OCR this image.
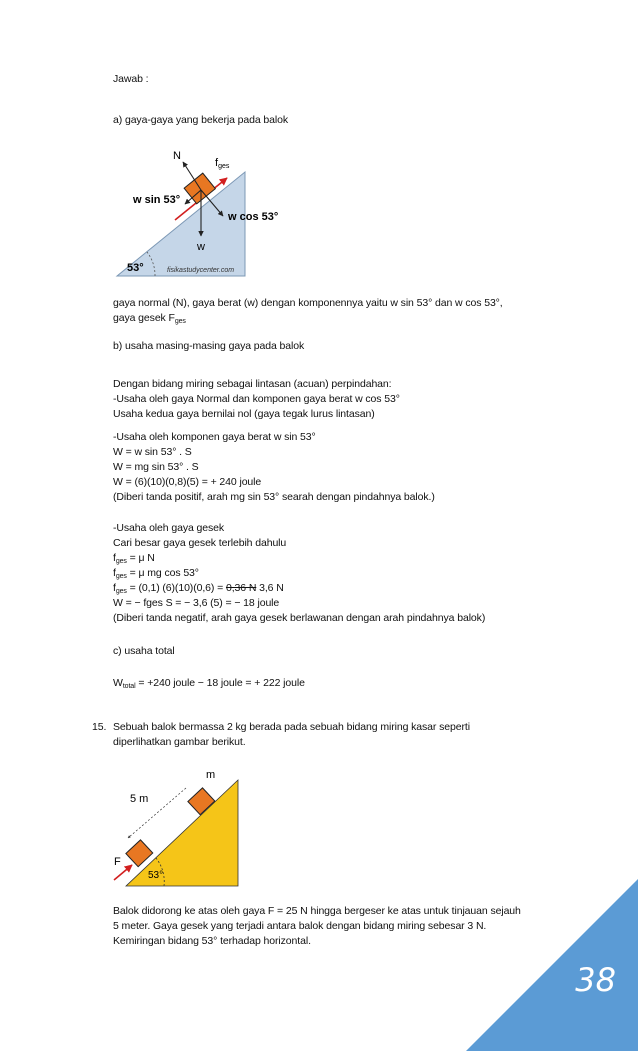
Jawab :
a) gaya-gaya yang bekerja pada balok
N
fges
w sin 53°
w cos 53°
w
53°	fisikastudycenter.com
gaya normal (N), gaya berat (w) dengan komponennya yaitu w sin 53° dan w cos 53°,
gaya gesek $F_{ges}$
b) usaha masing-masing gaya pada balok
Dengan bidang miring sebagai lintasan (acuan) perpindahan:
-Usaha oleh gaya Normal dan komponen gaya berat w cos 53°
Usaha kedua gaya bernilai nol (gaya tegak lurus lintasan)
-Usaha oleh komponen gaya berat w sin 53°
W = w sin 53° . S
W = mg sin 53° . S
W = (6)(10)(0,8)(5) = + 240 joule
(Diberi tanda positif, arah mg sin 53° searah dengan pindahnya balok.)
-Usaha oleh gaya gesek
Cari besar gaya gesek terlebih dahulu
$f_{ges} = \mu$ N
$f_{ges} = \mu$ mg cos 53°
$f_{ges} = (0,1) (6)(10)(0,6) = 0,36$ N 3,6 N
W = − fges S = − 3,6 (5) = − 18 joule
(Diberi tanda negatif, arah gaya gesek berlawanan dengan arah pindahnya balok)
c) usaha total
$W_{total} = +240$ joule − 18 joule = + 222 joule
15. Sebuah balok bermassa 2 kg berada pada sebuah bidang miring kasar seperti
diperlihatkan gambar berikut.
m
5 m
F
53°
Balok didorong ke atas oleh gaya F = 25 N hingga bergeser ke atas untuk tinjauan sejauh
5 meter. Gaya gesek yang terjadi antara balok dengan bidang miring sebesar 3 N.
Kemiringan bidang 53° terhadap horizontal.
38
